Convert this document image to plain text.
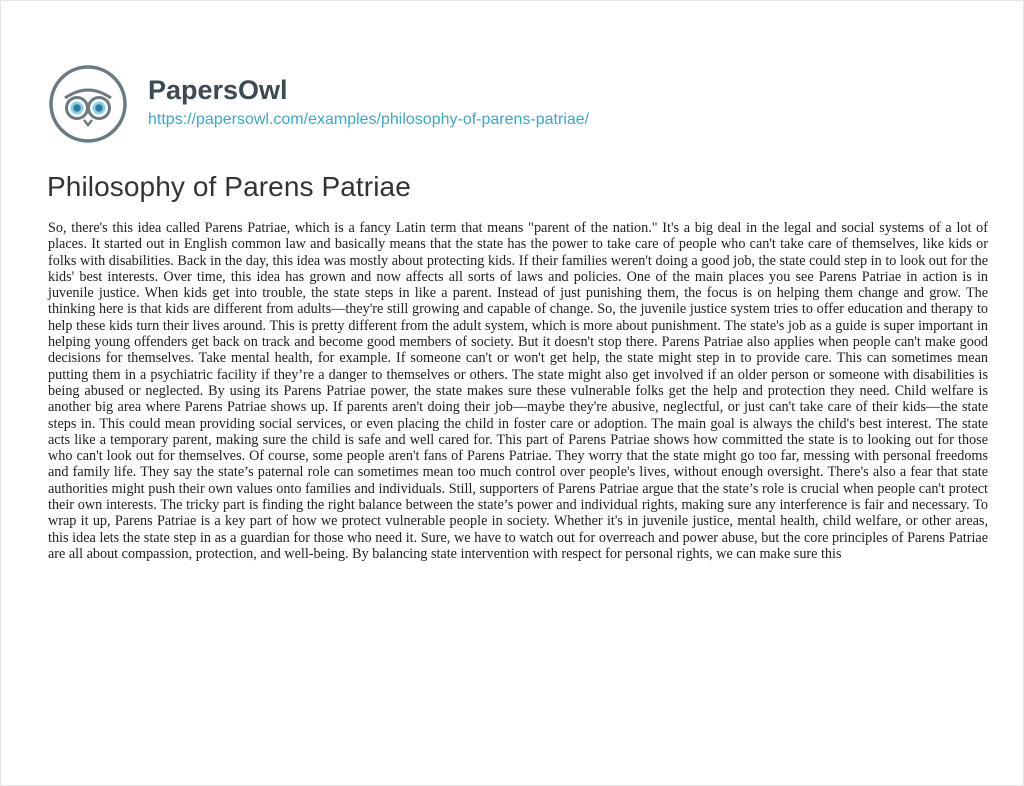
PapersOwl
https://papersowl.com/examples/philosophy-of-parens-patriae/
Philosophy of Parens Patriae

So, there's this idea called Parens Patriae, which is a fancy Latin term that means "parent of the nation." It's a big deal in the legal and social systems of a lot of places. It started out in English common law and basically means that the state has the power to take care of people who can't take care of themselves, like kids or folks with disabilities. Back in the day, this idea was mostly about protecting kids. If their families weren't doing a good job, the state could step in to look out for the kids' best interests. Over time, this idea has grown and now affects all sorts of laws and policies. One of the main places you see Parens Patriae in action is in juvenile justice. When kids get into trouble, the state steps in like a parent. Instead of just punishing them, the focus is on helping them change and grow. The thinking here is that kids are different from adults—they're still growing and capable of change. So, the juvenile justice system tries to offer education and therapy to help these kids turn their lives around. This is pretty different from the adult system, which is more about punishment. The state's job as a guide is super important in helping young offenders get back on track and become good members of society. But it doesn't stop there. Parens Patriae also applies when people can't make good decisions for themselves. Take mental health, for example. If someone can't or won't get help, the state might step in to provide care. This can sometimes mean putting them in a psychiatric facility if they’re a danger to themselves or others. The state might also get involved if an older person or someone with disabilities is being abused or neglected. By using its Parens Patriae power, the state makes sure these vulnerable folks get the help and protection they need. Child welfare is another big area where Parens Patriae shows up. If parents aren't doing their job—maybe they're abusive, neglectful, or just can't take care of their kids—the state steps in. This could mean providing social services, or even placing the child in foster care or adoption. The main goal is always the child's best interest. The state acts like a temporary parent, making sure the child is safe and well cared for. This part of Parens Patriae shows how committed the state is to looking out for those who can't look out for themselves. Of course, some people aren't fans of Parens Patriae. They worry that the state might go too far, messing with personal freedoms and family life. They say the state’s paternal role can sometimes mean too much control over people's lives, without enough oversight. There's also a fear that state authorities might push their own values onto families and individuals. Still, supporters of Parens Patriae argue that the state’s role is crucial when people can't protect their own interests. The tricky part is finding the right balance between the state’s power and individual rights, making sure any interference is fair and necessary. To wrap it up, Parens Patriae is a key part of how we protect vulnerable people in society. Whether it's in juvenile justice, mental health, child welfare, or other areas, this idea lets the state step in as a guardian for those who need it. Sure, we have to watch out for overreach and power abuse, but the core principles of Parens Patriae are all about compassion, protection, and well-being. By balancing state intervention with respect for personal rights, we can make sure this
